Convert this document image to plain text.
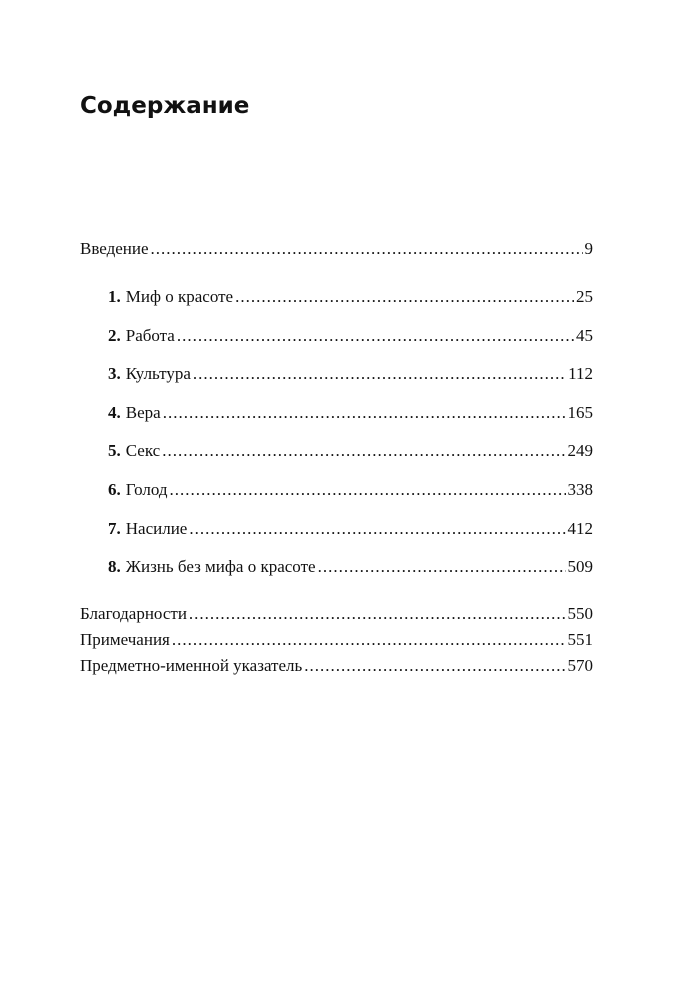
Содержание
Введение .....	9
1. Миф о красоте .....	25
2. Работа .....	45
3. Культура .....	112
4. Вера .....	165
5. Секс .....	249
6. Голод .....	338
7. Насилие .....	412
8. Жизнь без мифа о красоте .....	509
Благодарности .....	550
Примечания .....	551
Предметно-именной указатель .....	570
